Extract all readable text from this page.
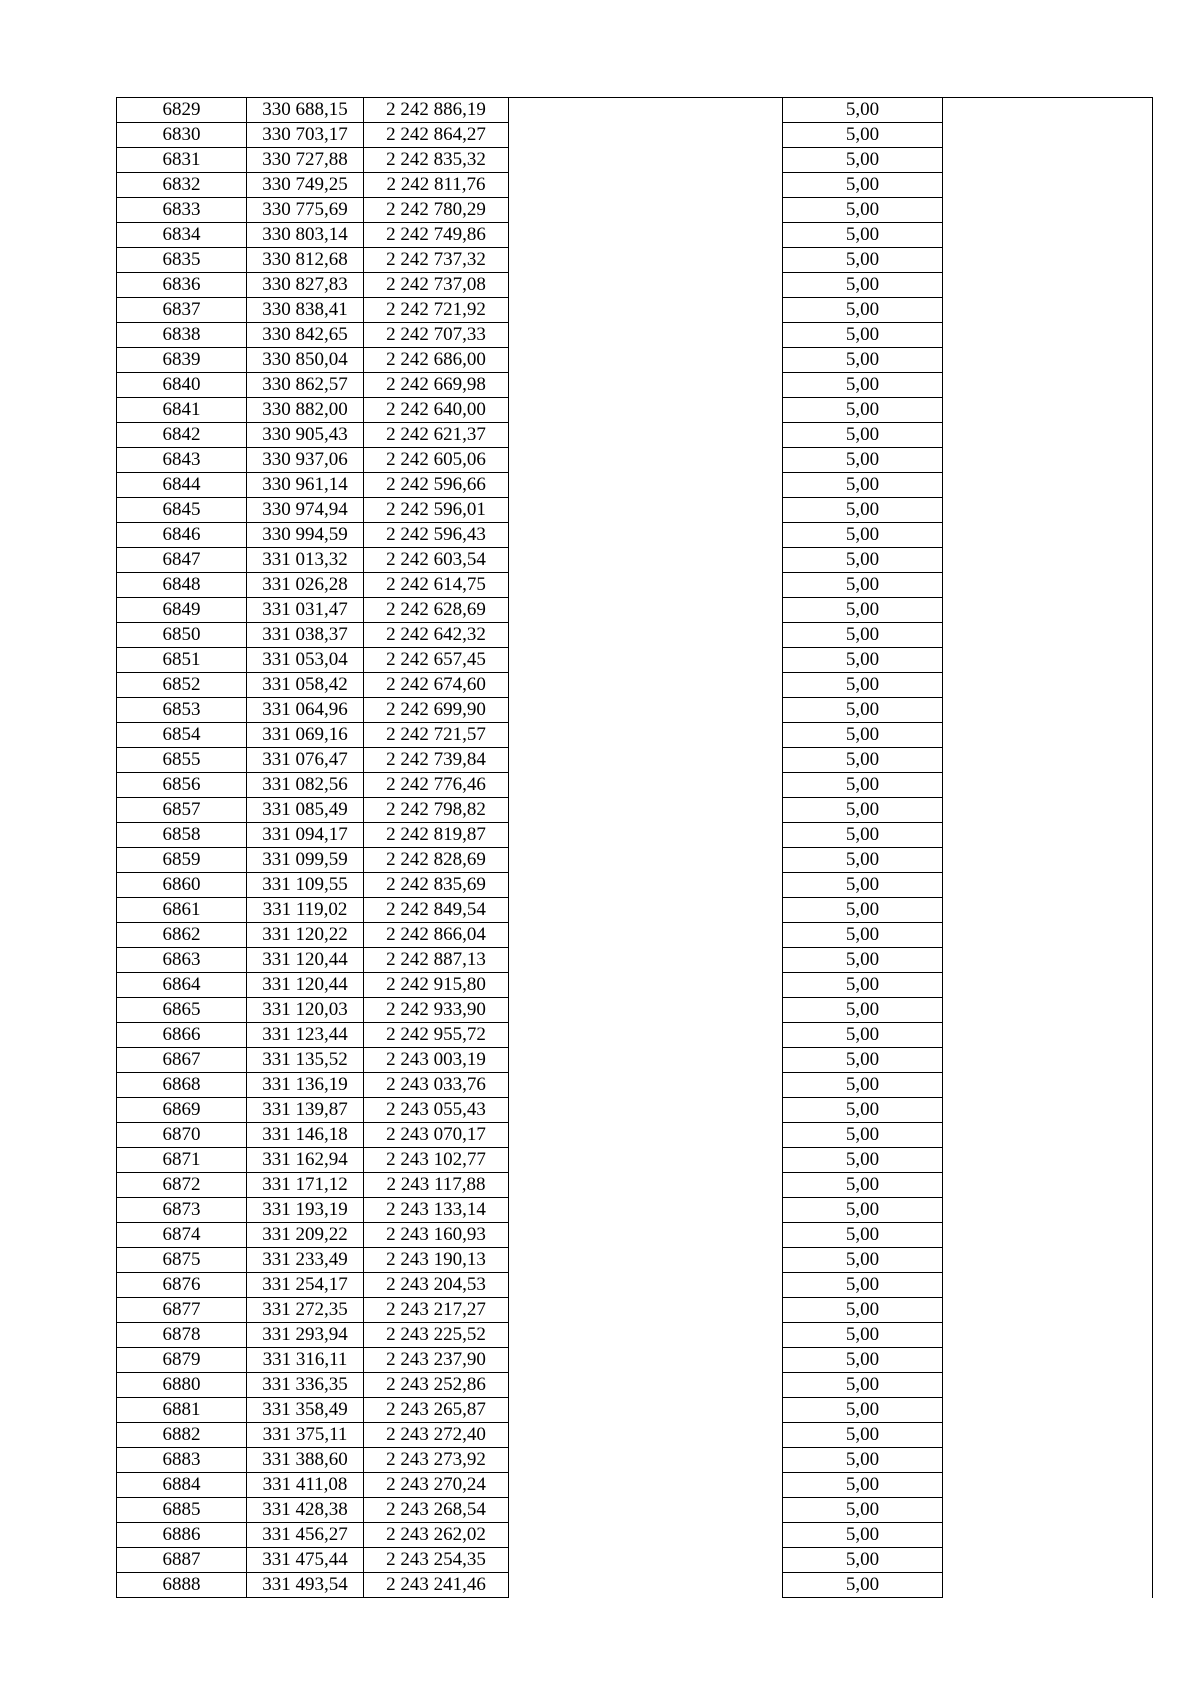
6829	330 688,15	2 242 886,19		5,00	
6830	330 703,17	2 242 864,27		5,00	
6831	330 727,88	2 242 835,32		5,00	
6832	330 749,25	2 242 811,76		5,00	
6833	330 775,69	2 242 780,29		5,00	
6834	330 803,14	2 242 749,86		5,00	
6835	330 812,68	2 242 737,32		5,00	
6836	330 827,83	2 242 737,08		5,00	
6837	330 838,41	2 242 721,92		5,00	
6838	330 842,65	2 242 707,33		5,00	
6839	330 850,04	2 242 686,00		5,00	
6840	330 862,57	2 242 669,98		5,00	
6841	330 882,00	2 242 640,00		5,00	
6842	330 905,43	2 242 621,37		5,00	
6843	330 937,06	2 242 605,06		5,00	
6844	330 961,14	2 242 596,66		5,00	
6845	330 974,94	2 242 596,01		5,00	
6846	330 994,59	2 242 596,43		5,00	
6847	331 013,32	2 242 603,54		5,00	
6848	331 026,28	2 242 614,75		5,00	
6849	331 031,47	2 242 628,69		5,00	
6850	331 038,37	2 242 642,32		5,00	
6851	331 053,04	2 242 657,45		5,00	
6852	331 058,42	2 242 674,60		5,00	
6853	331 064,96	2 242 699,90		5,00	
6854	331 069,16	2 242 721,57		5,00	
6855	331 076,47	2 242 739,84		5,00	
6856	331 082,56	2 242 776,46		5,00	
6857	331 085,49	2 242 798,82		5,00	
6858	331 094,17	2 242 819,87		5,00	
6859	331 099,59	2 242 828,69		5,00	
6860	331 109,55	2 242 835,69		5,00	
6861	331 119,02	2 242 849,54		5,00	
6862	331 120,22	2 242 866,04		5,00	
6863	331 120,44	2 242 887,13		5,00	
6864	331 120,44	2 242 915,80		5,00	
6865	331 120,03	2 242 933,90		5,00	
6866	331 123,44	2 242 955,72		5,00	
6867	331 135,52	2 243 003,19		5,00	
6868	331 136,19	2 243 033,76		5,00	
6869	331 139,87	2 243 055,43		5,00	
6870	331 146,18	2 243 070,17		5,00	
6871	331 162,94	2 243 102,77		5,00	
6872	331 171,12	2 243 117,88		5,00	
6873	331 193,19	2 243 133,14		5,00	
6874	331 209,22	2 243 160,93		5,00	
6875	331 233,49	2 243 190,13		5,00	
6876	331 254,17	2 243 204,53		5,00	
6877	331 272,35	2 243 217,27		5,00	
6878	331 293,94	2 243 225,52		5,00	
6879	331 316,11	2 243 237,90		5,00	
6880	331 336,35	2 243 252,86		5,00	
6881	331 358,49	2 243 265,87		5,00	
6882	331 375,11	2 243 272,40		5,00	
6883	331 388,60	2 243 273,92		5,00	
6884	331 411,08	2 243 270,24		5,00	
6885	331 428,38	2 243 268,54		5,00	
6886	331 456,27	2 243 262,02		5,00	
6887	331 475,44	2 243 254,35		5,00	
6888	331 493,54	2 243 241,46		5,00	
